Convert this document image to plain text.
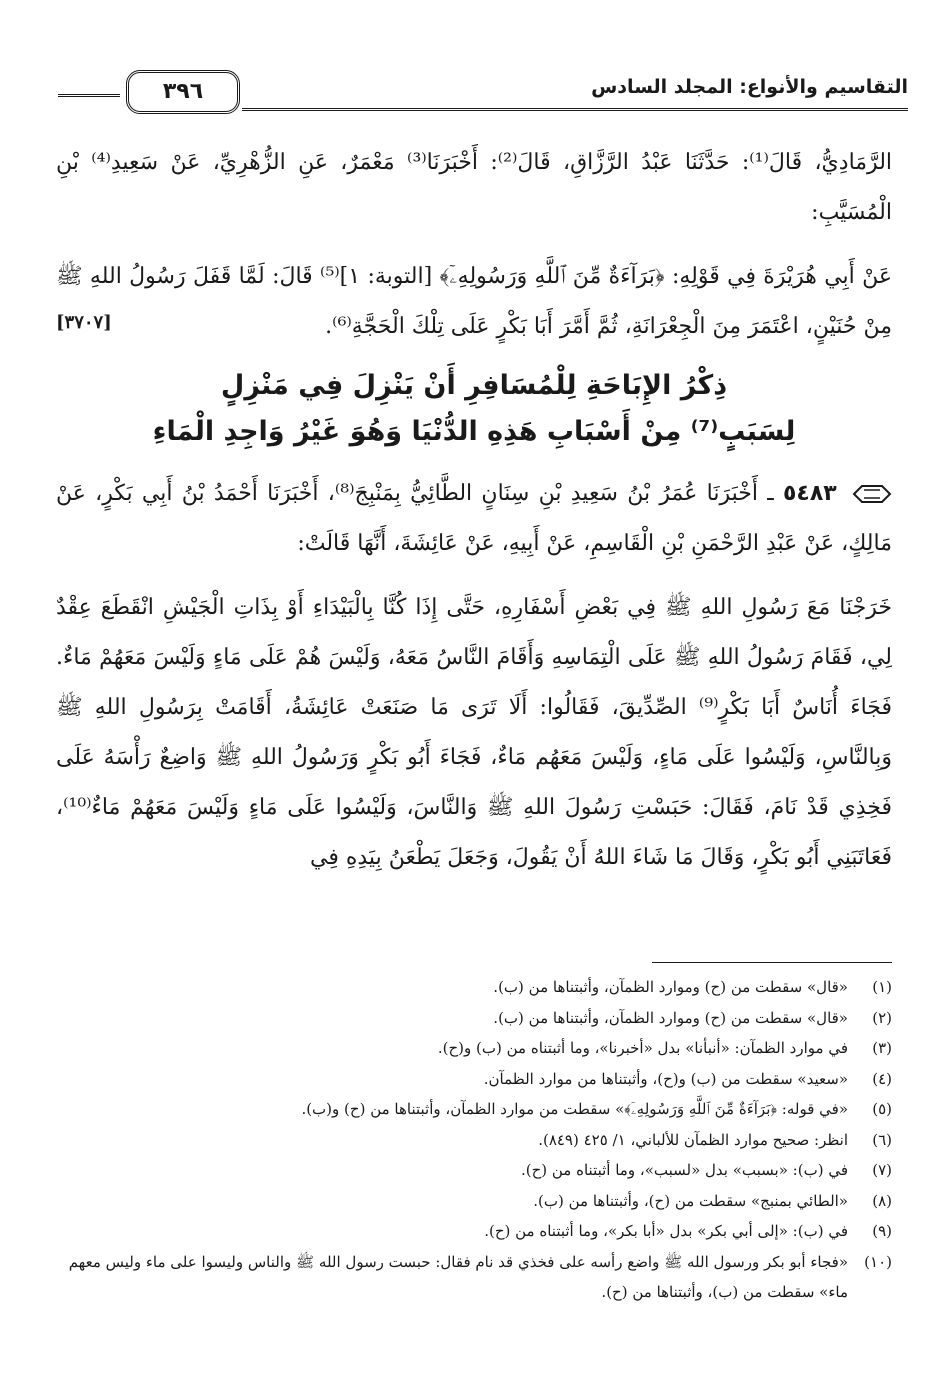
٣٩٦	التقاسيم والأنواع: المجلد السادس

الرَّمَادِيُّ، قَالَ⁽¹⁾: حَدَّثَنَا عَبْدُ الرَّزَّاقِ، قَالَ⁽²⁾: أَخْبَرَنَا⁽³⁾ مَعْمَرٌ، عَنِ الزُّهْرِيِّ، عَنْ سَعِيدِ⁽⁴⁾ بْنِ الْمُسَيَّبِ:

عَنْ أَبِي هُرَيْرَةَ فِي قَوْلِهِ: ﴿بَرَآءَةٌ مِّنَ ٱللَّهِ وَرَسُولِهِۦٓ﴾ [التوبة: ١]⁽⁵⁾ قَالَ: لَمَّا قَفَلَ رَسُولُ اللهِ ﷺ مِنْ حُنَيْنٍ، اعْتَمَرَ مِنَ الْجِعْرَانَةِ، ثُمَّ أَمَّرَ أَبَا بَكْرٍ عَلَى تِلْكَ الْحَجَّةِ⁽⁶⁾.

[٣٧٠٧]
ذِكْرُ الإِبَاحَةِ لِلْمُسَافِرِ أَنْ يَنْزِلَ فِي مَنْزِلٍ
لِسَبَبٍ⁽⁷⁾ مِنْ أَسْبَابِ هَذِهِ الدُّنْيَا وَهُوَ غَيْرُ وَاجِدِ الْمَاءِ

٥٤٨٣ ـ أَخْبَرَنَا عُمَرُ بْنُ سَعِيدِ بْنِ سِنَانٍ الطَّائِيُّ بِمَنْبِجَ⁽⁸⁾، أَخْبَرَنَا أَحْمَدُ بْنُ أَبِي بَكْرٍ، عَنْ مَالِكٍ، عَنْ عَبْدِ الرَّحْمَنِ بْنِ الْقَاسِمِ، عَنْ أَبِيهِ، عَنْ عَائِشَةَ، أَنَّهَا قَالَتْ:

خَرَجْنَا مَعَ رَسُولِ اللهِ ﷺ فِي بَعْضِ أَسْفَارِهِ، حَتَّى إِذَا كُنَّا بِالْبَيْدَاءِ أَوْ بِذَاتِ الْجَيْشِ انْقَطَعَ عِقْدٌ لِي، فَقَامَ رَسُولُ اللهِ ﷺ عَلَى الْتِمَاسِهِ وَأَقَامَ النَّاسُ مَعَهُ، وَلَيْسَ هُمْ عَلَى مَاءٍ وَلَيْسَ مَعَهُمْ مَاءٌ. فَجَاءَ أُنَاسٌ أَبَا بَكْرٍ⁽⁹⁾ الصِّدِّيقَ، فَقَالُوا: أَلَا تَرَى مَا صَنَعَتْ عَائِشَةُ، أَقَامَتْ بِرَسُولِ اللهِ ﷺ وَبِالنَّاسِ، وَلَيْسُوا عَلَى مَاءٍ، وَلَيْسَ مَعَهُم مَاءٌ، فَجَاءَ أَبُو بَكْرٍ وَرَسُولُ اللهِ ﷺ وَاضِعٌ رَأْسَهُ عَلَى فَخِذِي قَدْ نَامَ، فَقَالَ: حَبَسْتِ رَسُولَ اللهِ ﷺ وَالنَّاسَ، وَلَيْسُوا عَلَى مَاءٍ وَلَيْسَ مَعَهُمْ مَاءٌ⁽¹⁰⁾، فَعَاتَبَنِي أَبُو بَكْرٍ، وَقَالَ مَا شَاءَ اللهُ أَنْ يَقُولَ، وَجَعَلَ يَطْعَنُ بِيَدِهِ فِي

(١)
«قال» سقطت من (ح) وموارد الظمآن، وأثبتناها من (ب).
(٢)
«قال» سقطت من (ح) وموارد الظمآن، وأثبتناها من (ب).
(٣)
في موارد الظمآن: «أنبأنا» بدل «أخبرنا»، وما أثبتناه من (ب) و(ح).
(٤)
«سعيد» سقطت من (ب) و(ح)، وأثبتناها من موارد الظمآن.
(٥)
«في قوله: ﴿بَرَآءَةٌ مِّنَ ٱللَّهِ وَرَسُولِهِۦٓ﴾» سقطت من موارد الظمآن، وأثبتناها من (ح) و(ب).
(٦)
انظر: صحيح موارد الظمآن للألباني، ١/ ٤٢٥ (٨٤٩).
(٧)
في (ب): «بسبب» بدل «لسبب»، وما أثبتناه من (ح).
(٨)
«الطائي بمنبج» سقطت من (ح)، وأثبتناها من (ب).
(٩)
في (ب): «إلى أبي بكر» بدل «أبا بكر»، وما أثبتناه من (ح).
(١٠)
«فجاء أبو بكر ورسول الله ﷺ واضع رأسه على فخذي قد نام فقال: حبست رسول الله ﷺ والناس وليسوا على ماء وليس معهم ماء» سقطت من (ب)، وأثبتناها من (ح).
